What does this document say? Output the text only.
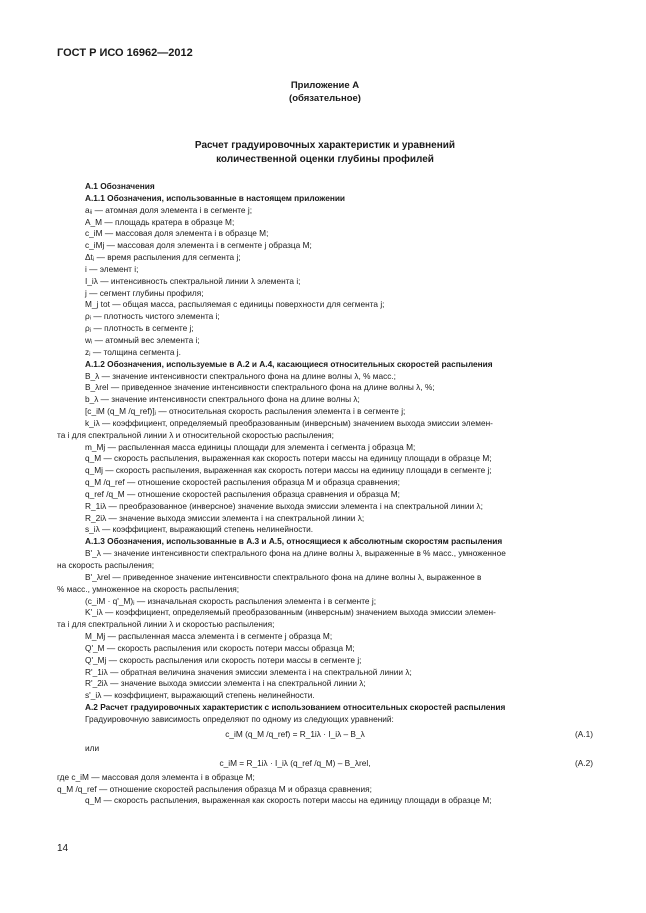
ГОСТ Р ИСО 16962—2012
Приложение А
(обязательное)
Расчет градуировочных характеристик и уравнений
количественной оценки глубины профилей
А.1 Обозначения
А.1.1 Обозначения, использованные в настоящем приложении
aᵢⱼ — атомная доля элемента i в сегменте j;
A_M — площадь кратера в образце M;
c_iM — массовая доля элемента i в образце M;
c_iMj — массовая доля элемента i в сегменте j образца M;
Δtⱼ — время распыления для сегмента j;
i — элемент i;
I_iλ — интенсивность спектральной линии λ элемента i;
j — сегмент глубины профиля;
M_j tot — общая масса, распыляемая с единицы поверхности для сегмента j;
ρᵢ — плотность чистого элемента i;
ρⱼ — плотность в сегменте j;
wᵢ — атомный вес элемента i;
zⱼ — толщина сегмента j.
А.1.2 Обозначения, используемые в А.2 и А.4, касающиеся относительных скоростей распыления
B_λ — значение интенсивности спектрального фона на длине волны λ, % масс.;
B_λrel — приведенное значение интенсивности спектрального фона на длине волны λ, %;
b_λ — значение интенсивности спектрального фона на длине волны λ;
[c_iM (q_M /q_ref)]ⱼ — относительная скорость распыления элемента i в сегменте j;
k_iλ — коэффициент, определяемый преобразованным (инверсным) значением выхода эмиссии элемен-
та i для спектральной линии λ и относительной скоростью распыления;
m_Mj — распыленная масса единицы площади для элемента i сегмента j образца M;
q_M — скорость распыления, выраженная как скорость потери массы на единицу площади в образце M;
q_Mj — скорость распыления, выраженная как скорость потери массы на единицу площади в сегменте j;
q_M /q_ref — отношение скоростей распыления образца M и образца сравнения;
q_ref /q_M — отношение скоростей распыления образца сравнения и образца M;
R_1iλ — преобразованное (инверсное) значение выхода эмиссии элемента i на спектральной линии λ;
R_2iλ — значение выхода эмиссии элемента i на спектральной линии λ;
s_iλ — коэффициент, выражающий степень нелинейности.
А.1.3 Обозначения, использованные в А.3 и А.5, относящиеся к абсолютным скоростям распыления
B'_λ — значение интенсивности спектрального фона на длине волны λ, выраженные в % масс., умноженное
на скорость распыления;
B'_λrel — приведенное значение интенсивности спектрального фона на длине волны λ, выраженное в
% масс., умноженное на скорость распыления;
(c_iM · q'_M)ⱼ — изначальная скорость распыления элемента i в сегменте j;
K'_iλ — коэффициент, определяемый преобразованным (инверсным) значением выхода эмиссии элемен-
та i для спектральной линии λ и скоростью распыления;
M_Mj — распыленная масса элемента i в сегменте j образца M;
Q'_M — скорость распыления или скорость потери массы образца M;
Q'_Mj — скорость распыления или скорость потери массы в сегменте j;
R'_1iλ — обратная величина значения эмиссии элемента i на спектральной линии λ;
R'_2iλ — значение выхода эмиссии элемента i на спектральной линии λ;
s'_iλ — коэффициент, выражающий степень нелинейности.
А.2 Расчет градуировочных характеристик с использованием относительных скоростей распыления
Градуировочную зависимость определяют по одному из следующих уравнений:
c_iM (q_M /q_ref) = R_1iλ · I_iλ – B_λ	(А.1)
или
c_iM = R_1iλ · I_iλ (q_ref /q_M) – B_λrel,	(А.2)
где c_iM — массовая доля элемента i в образце M;
q_M /q_ref — отношение скоростей распыления образца M и образца сравнения;
q_M — скорость распыления, выраженная как скорость потери массы на единицу площади в образце M;
14
